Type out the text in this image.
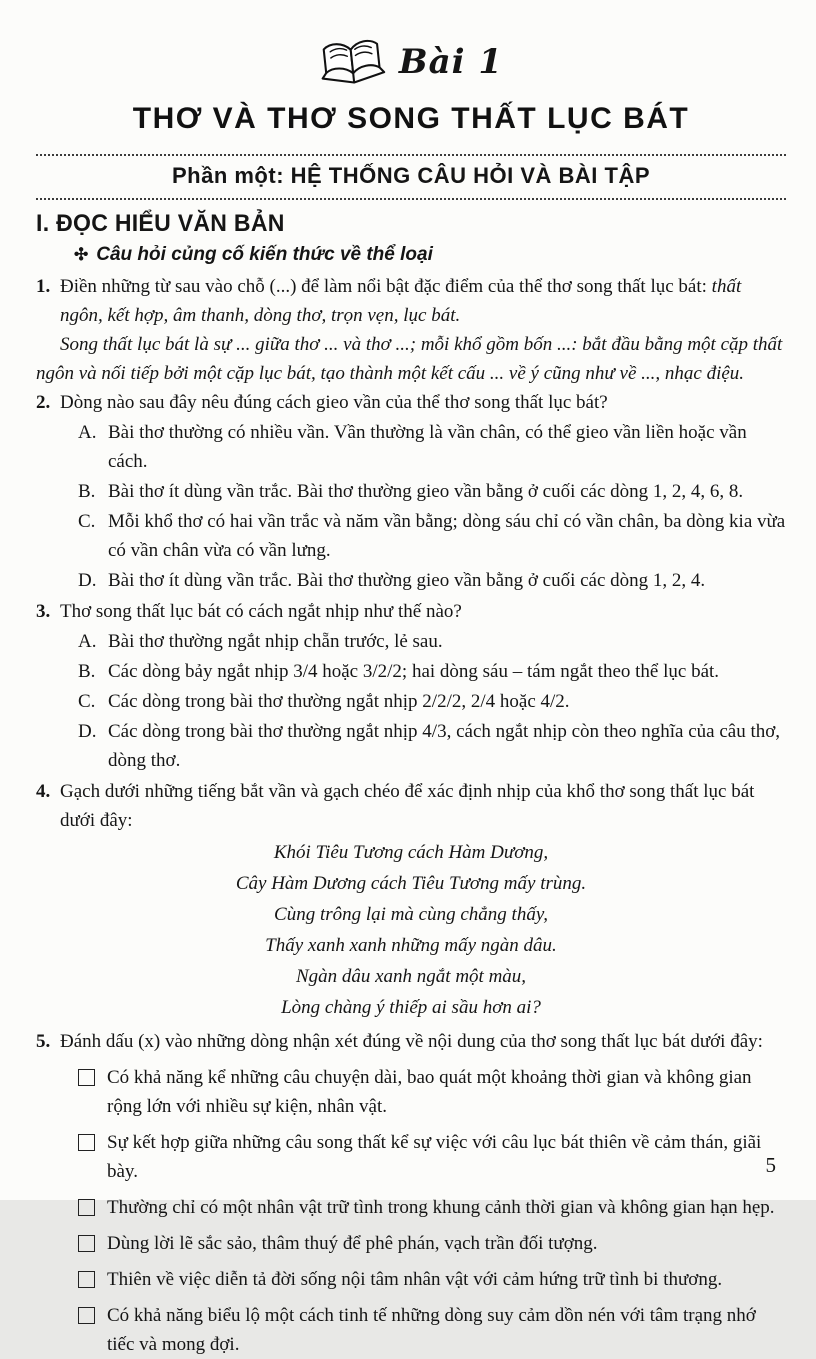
Bài 1
THƠ VÀ THƠ SONG THẤT LỤC BÁT
Phần một: HỆ THỐNG CÂU HỎI VÀ BÀI TẬP
I. ĐỌC HIỂU VĂN BẢN
✣ Câu hỏi củng cố kiến thức về thể loại
1. Điền những từ sau vào chỗ (...) để làm nổi bật đặc điểm của thể thơ song thất lục bát: thất ngôn, kết hợp, âm thanh, dòng thơ, trọn vẹn, lục bát.

Song thất lục bát là sự ... giữa thơ ... và thơ ...; mỗi khổ gồm bốn ...: bắt đầu bằng một cặp thất ngôn và nối tiếp bởi một cặp lục bát, tạo thành một kết cấu ... về ý cũng như về ..., nhạc điệu.

2. Dòng nào sau đây nêu đúng cách gieo vần của thể thơ song thất lục bát?
A. Bài thơ thường có nhiều vần. Vần thường là vần chân, có thể gieo vần liền hoặc vần cách.
B. Bài thơ ít dùng vần trắc. Bài thơ thường gieo vần bằng ở cuối các dòng 1, 2, 4, 6, 8.
C. Mỗi khổ thơ có hai vần trắc và năm vần bằng; dòng sáu chỉ có vần chân, ba dòng kia vừa có vần chân vừa có vần lưng.
D. Bài thơ ít dùng vần trắc. Bài thơ thường gieo vần bằng ở cuối các dòng 1, 2, 4.
3. Thơ song thất lục bát có cách ngắt nhịp như thế nào?
A. Bài thơ thường ngắt nhịp chẵn trước, lẻ sau.
B. Các dòng bảy ngắt nhịp 3/4 hoặc 3/2/2; hai dòng sáu – tám ngắt theo thể lục bát.
C. Các dòng trong bài thơ thường ngắt nhịp 2/2/2, 2/4 hoặc 4/2.
D. Các dòng trong bài thơ thường ngắt nhịp 4/3, cách ngắt nhịp còn theo nghĩa của câu thơ, dòng thơ.
4. Gạch dưới những tiếng bắt vần và gạch chéo để xác định nhịp của khổ thơ song thất lục bát dưới đây:
Khói Tiêu Tương cách Hàm Dương,
Cây Hàm Dương cách Tiêu Tương mấy trùng.
Cùng trông lại mà cùng chẳng thấy,
Thấy xanh xanh những mấy ngàn dâu.
Ngàn dâu xanh ngắt một màu,
Lòng chàng ý thiếp ai sầu hơn ai?
5. Đánh dấu (x) vào những dòng nhận xét đúng về nội dung của thơ song thất lục bát dưới đây:
Có khả năng kể những câu chuyện dài, bao quát một khoảng thời gian và không gian rộng lớn với nhiều sự kiện, nhân vật.
Sự kết hợp giữa những câu song thất kể sự việc với câu lục bát thiên về cảm thán, giãi bày.
Thường chỉ có một nhân vật trữ tình trong khung cảnh thời gian và không gian hạn hẹp.
Dùng lời lẽ sắc sảo, thâm thuý để phê phán, vạch trần đối tượng.
Thiên về việc diễn tả đời sống nội tâm nhân vật với cảm hứng trữ tình bi thương.
Có khả năng biểu lộ một cách tinh tế những dòng suy cảm dồn nén với tâm trạng nhớ tiếc và mong đợi.
5
